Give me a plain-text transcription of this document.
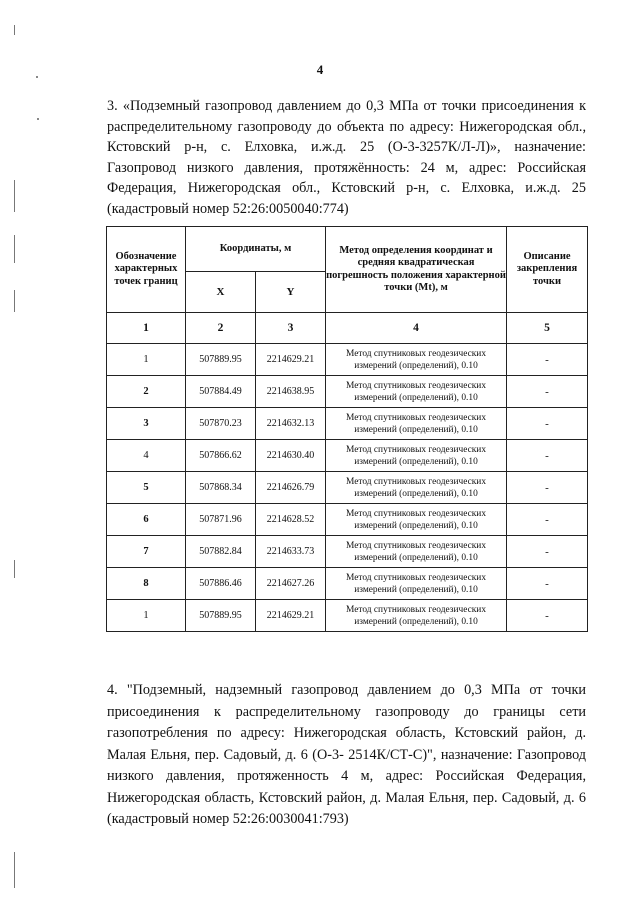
4
3. «Подземный газопровод давлением до 0,3 МПа от точки присоединения к
распределительному газопроводу до объекта по адресу: Нижегородская обл.,
Кстовский р-н, с. Елховка, и.ж.д. 25 (О-3-3257К/Л-Л)», назначение:
Газопровод низкого давления, протяжённость: 24 м, адрес: Российская
Федерация, Нижегородская обл., Кстовский р-н, с. Елховка, и.ж.д. 25
(кадастровый номер 52:26:0050040:774)
Обозначение характерных точек границ	Координаты, м		Метод определения координат и средняя квадратическая погрешность положения характерной точки (Mt), м	Описание закрепления точки
	X	Y		
1	2	3	4	5
1	507889.95	2214629.21	Метод спутниковых геодезических измерений (определений), 0.10	-
2	507884.49	2214638.95	Метод спутниковых геодезических измерений (определений), 0.10	-
3	507870.23	2214632.13	Метод спутниковых геодезических измерений (определений), 0.10	-
4	507866.62	2214630.40	Метод спутниковых геодезических измерений (определений), 0.10	-
5	507868.34	2214626.79	Метод спутниковых геодезических измерений (определений), 0.10	-
6	507871.96	2214628.52	Метод спутниковых геодезических измерений (определений), 0.10	-
7	507882.84	2214633.73	Метод спутниковых геодезических измерений (определений), 0.10	-
8	507886.46	2214627.26	Метод спутниковых геодезических измерений (определений), 0.10	-
1	507889.95	2214629.21	Метод спутниковых геодезических измерений (определений), 0.10	-
4. "Подземный, надземный газопровод давлением до 0,3 МПа от точки
присоединения к распределительному газопроводу до границы сети
газопотребления по адресу: Нижегородская область, Кстовский район, д.
Малая Ельня, пер. Садовый, д. 6 (О-3- 2514К/СТ-С)", назначение: Газопровод
низкого давления, протяженность 4 м, адрес: Российская Федерация,
Нижегородская область, Кстовский район, д. Малая Ельня, пер. Садовый, д. 6
(кадастровый номер 52:26:0030041:793)
